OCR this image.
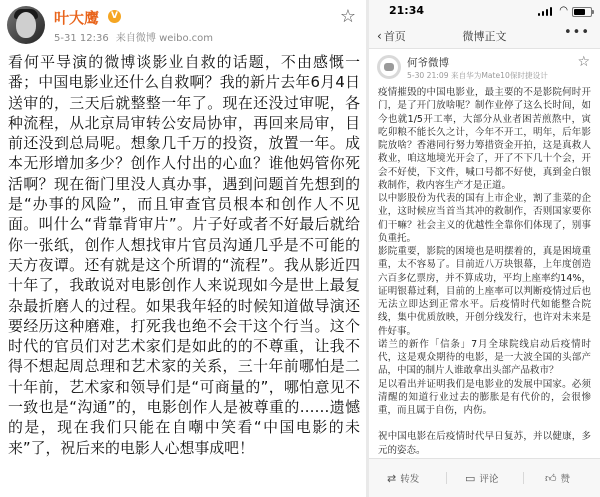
叶大鹰	V
5-31 12:36 来自微博 weibo.com
☆
看何平导演的微博谈影业自救的话题，不由感慨一番；中国电影业还什么自救啊？我的新片去年6月4日送审的，三天后就整整一年了。现在还没过审呢，各种流程，从北京局审转公安局协审，再回来局审，目前还没到总局呢。想象几千万的投资，放置一年。成本无形增加多少？创作人付出的心血？谁他妈管你死活啊？现在衙门里没人真办事，遇到问题首先想到的是“办事的风险”，而且审查官员根本和创作人不见面。叫什么“背靠背审片”。片子好或者不好最后就给你一张纸，创作人想找审片官员沟通几乎是不可能的天方夜谭。还有就是这个所谓的“流程”。我从影近四十年了，我敢说对电影创作人来说现如今是世上最复杂最折磨人的过程。如果我年轻的时候知道做导演还要经历这种磨难，打死我也绝不会干这个行当。这个时代的官员们对艺术家们是如此的的不尊重，让我不得不想起周总理和艺术家的关系，三十年前哪怕是二十年前，艺术家和领导们是“可商量的”，哪怕意见不一致也是“沟通”的，电影创作人是被尊重的……遗憾的是，现在我们只能在自嘲中笑看“中国电影的未来”了，祝后来的电影人心想事成吧！
21:34	◠
‹ 首页	微博正文	•••
何爷微博
5-30 21:09 来自华为Mate10保时捷设计
☆

疫情摧毁的中国电影业，最主要的不是影院何时开门，是了开门放啥呢？制作业停了这么长时间，如今也就1/5开工率，大部分从业者困苦煎熬中，寅吃卯粮不能长久之计，今年不开工，明年，后年影院放啥？香港同行努力筹措资金开拍，这是真救人救业，咱这地境光开会了，开了不下几十个会，开会不好使，下文件，喊口号都不好使，真到金白银救制作，救内容生产才是正道。

以中影股份为代表的国有上市企业，割了韭菜的企业，这时候应当首当其冲的救制作，否则国家要你们干嘛？社会主义的优越性全靠你们体现了，别事负重托。

影院重要，影院的困境也是明摆着的，真是困境重重，太不容易了。目前近八万块银幕，上年度创造六百多亿票房，并不算成功，平均上座率约14%，证明银幕过剩，目前的上座率可以判断疫情过后也无法立即达到正常水平。后疫情时代如能整合院线，集中优质放映，开创分线发行，也许对未来是件好事。

诺兰的新作「信条」7月全球院线启动后疫情时代，这是观众期待的电影，是一大波全国的头部产品，中国的制片人谁敢拿出头部产品救市？

足以看出并证明我们是电影业的发展中国家。必须清醒的知道行业过去的膨胀是有代价的，会很惨重，而且属于自伤，内伤。

祝中国电影在后疫情时代早日复苏，并以健康，多元的姿态。

⇄ 转发	▭ 评论	👍︎ 赞
